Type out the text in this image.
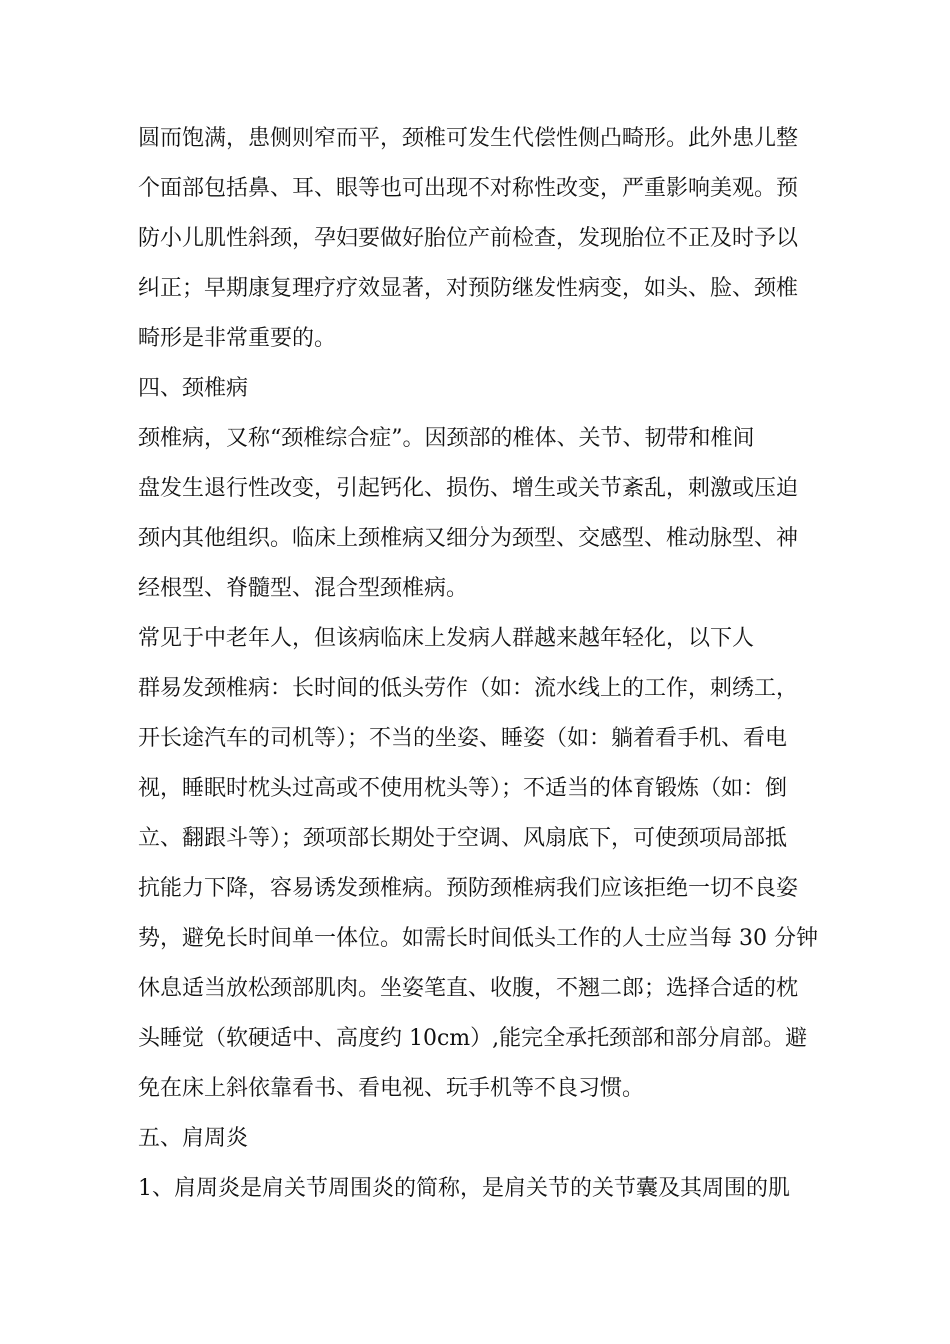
圆而饱满，患侧则窄而平，颈椎可发生代偿性侧凸畸形。此外患儿整
个面部包括鼻、耳、眼等也可出现不对称性改变，严重影响美观。预
防小儿肌性斜颈，孕妇要做好胎位产前检查，发现胎位不正及时予以
纠正；早期康复理疗疗效显著，对预防继发性病变，如头、脸、颈椎
畸形是非常重要的。
四、颈椎病
颈椎病，又称“颈椎综合症”。因颈部的椎体、关节、韧带和椎间
盘发生退行性改变，引起钙化、损伤、增生或关节紊乱，刺激或压迫
颈内其他组织。临床上颈椎病又细分为颈型、交感型、椎动脉型、神
经根型、脊髓型、混合型颈椎病。
常见于中老年人，但该病临床上发病人群越来越年轻化，以下人
群易发颈椎病：长时间的低头劳作（如：流水线上的工作，刺绣工，
开长途汽车的司机等）；不当的坐姿、睡姿（如：躺着看手机、看电
视，睡眠时枕头过高或不使用枕头等）；不适当的体育锻炼（如：倒
立、翻跟斗等）；颈项部长期处于空调、风扇底下，可使颈项局部抵
抗能力下降，容易诱发颈椎病。预防颈椎病我们应该拒绝一切不良姿
势，避免长时间单一体位。如需长时间低头工作的人士应当每 30 分钟
休息适当放松颈部肌肉。坐姿笔直、收腹，不翘二郎；选择合适的枕
头睡觉（软硬适中、高度约 10cm）,能完全承托颈部和部分肩部。避
免在床上斜依靠看书、看电视、玩手机等不良习惯。
五、肩周炎
1、肩周炎是肩关节周围炎的简称，是肩关节的关节囊及其周围的肌
